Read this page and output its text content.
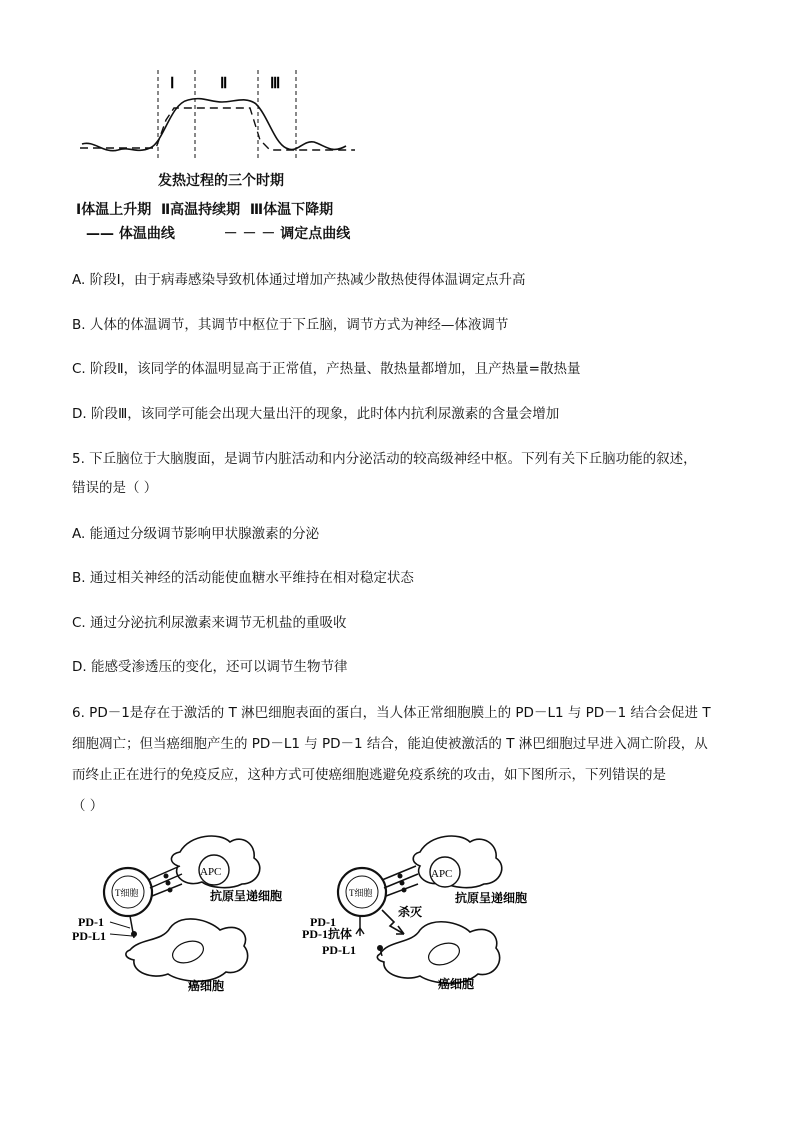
Ⅰ	Ⅱ	Ⅲ
发热过程的三个时期
Ⅰ体温上升期  Ⅱ高温持续期  Ⅲ体温下降期
—— 体温曲线          － － － 调定点曲线
A. 阶段Ⅰ，由于病毒感染导致机体通过增加产热减少散热使得体温调定点升高
B. 人体的体温调节，其调节中枢位于下丘脑，调节方式为神经—体液调节
C. 阶段Ⅱ，该同学的体温明显高于正常值，产热量、散热量都增加，且产热量=散热量
D. 阶段Ⅲ，该同学可能会出现大量出汗的现象，此时体内抗利尿激素的含量会增加
5. 下丘脑位于大脑腹面，是调节内脏活动和内分泌活动的较高级神经中枢。下列有关下丘脑功能的叙述，
错误的是（ ）
A. 能通过分级调节影响甲状腺激素的分泌
B. 通过相关神经的活动能使血糖水平维持在相对稳定状态
C. 通过分泌抗利尿激素来调节无机盐的重吸收
D. 能感受渗透压的变化，还可以调节生物节律
6. PD－1是存在于激活的 T 淋巴细胞表面的蛋白，当人体正常细胞膜上的 PD－L1 与 PD－1 结合会促进 T
细胞凋亡；但当癌细胞产生的 PD－L1 与 PD－1 结合，能迫使被激活的 T 淋巴细胞过早进入凋亡阶段，从
而终止正在进行的免疫反应，这种方式可使癌细胞逃避免疫系统的攻击，如下图所示，下列错误的是
（ ）
APC
抗原呈递细胞
T细胞
癌细胞
PD-1
PD-L1
APC
抗原呈递细胞
T细胞
杀灭
癌细胞
PD-1
PD-1抗体
PD-L1
